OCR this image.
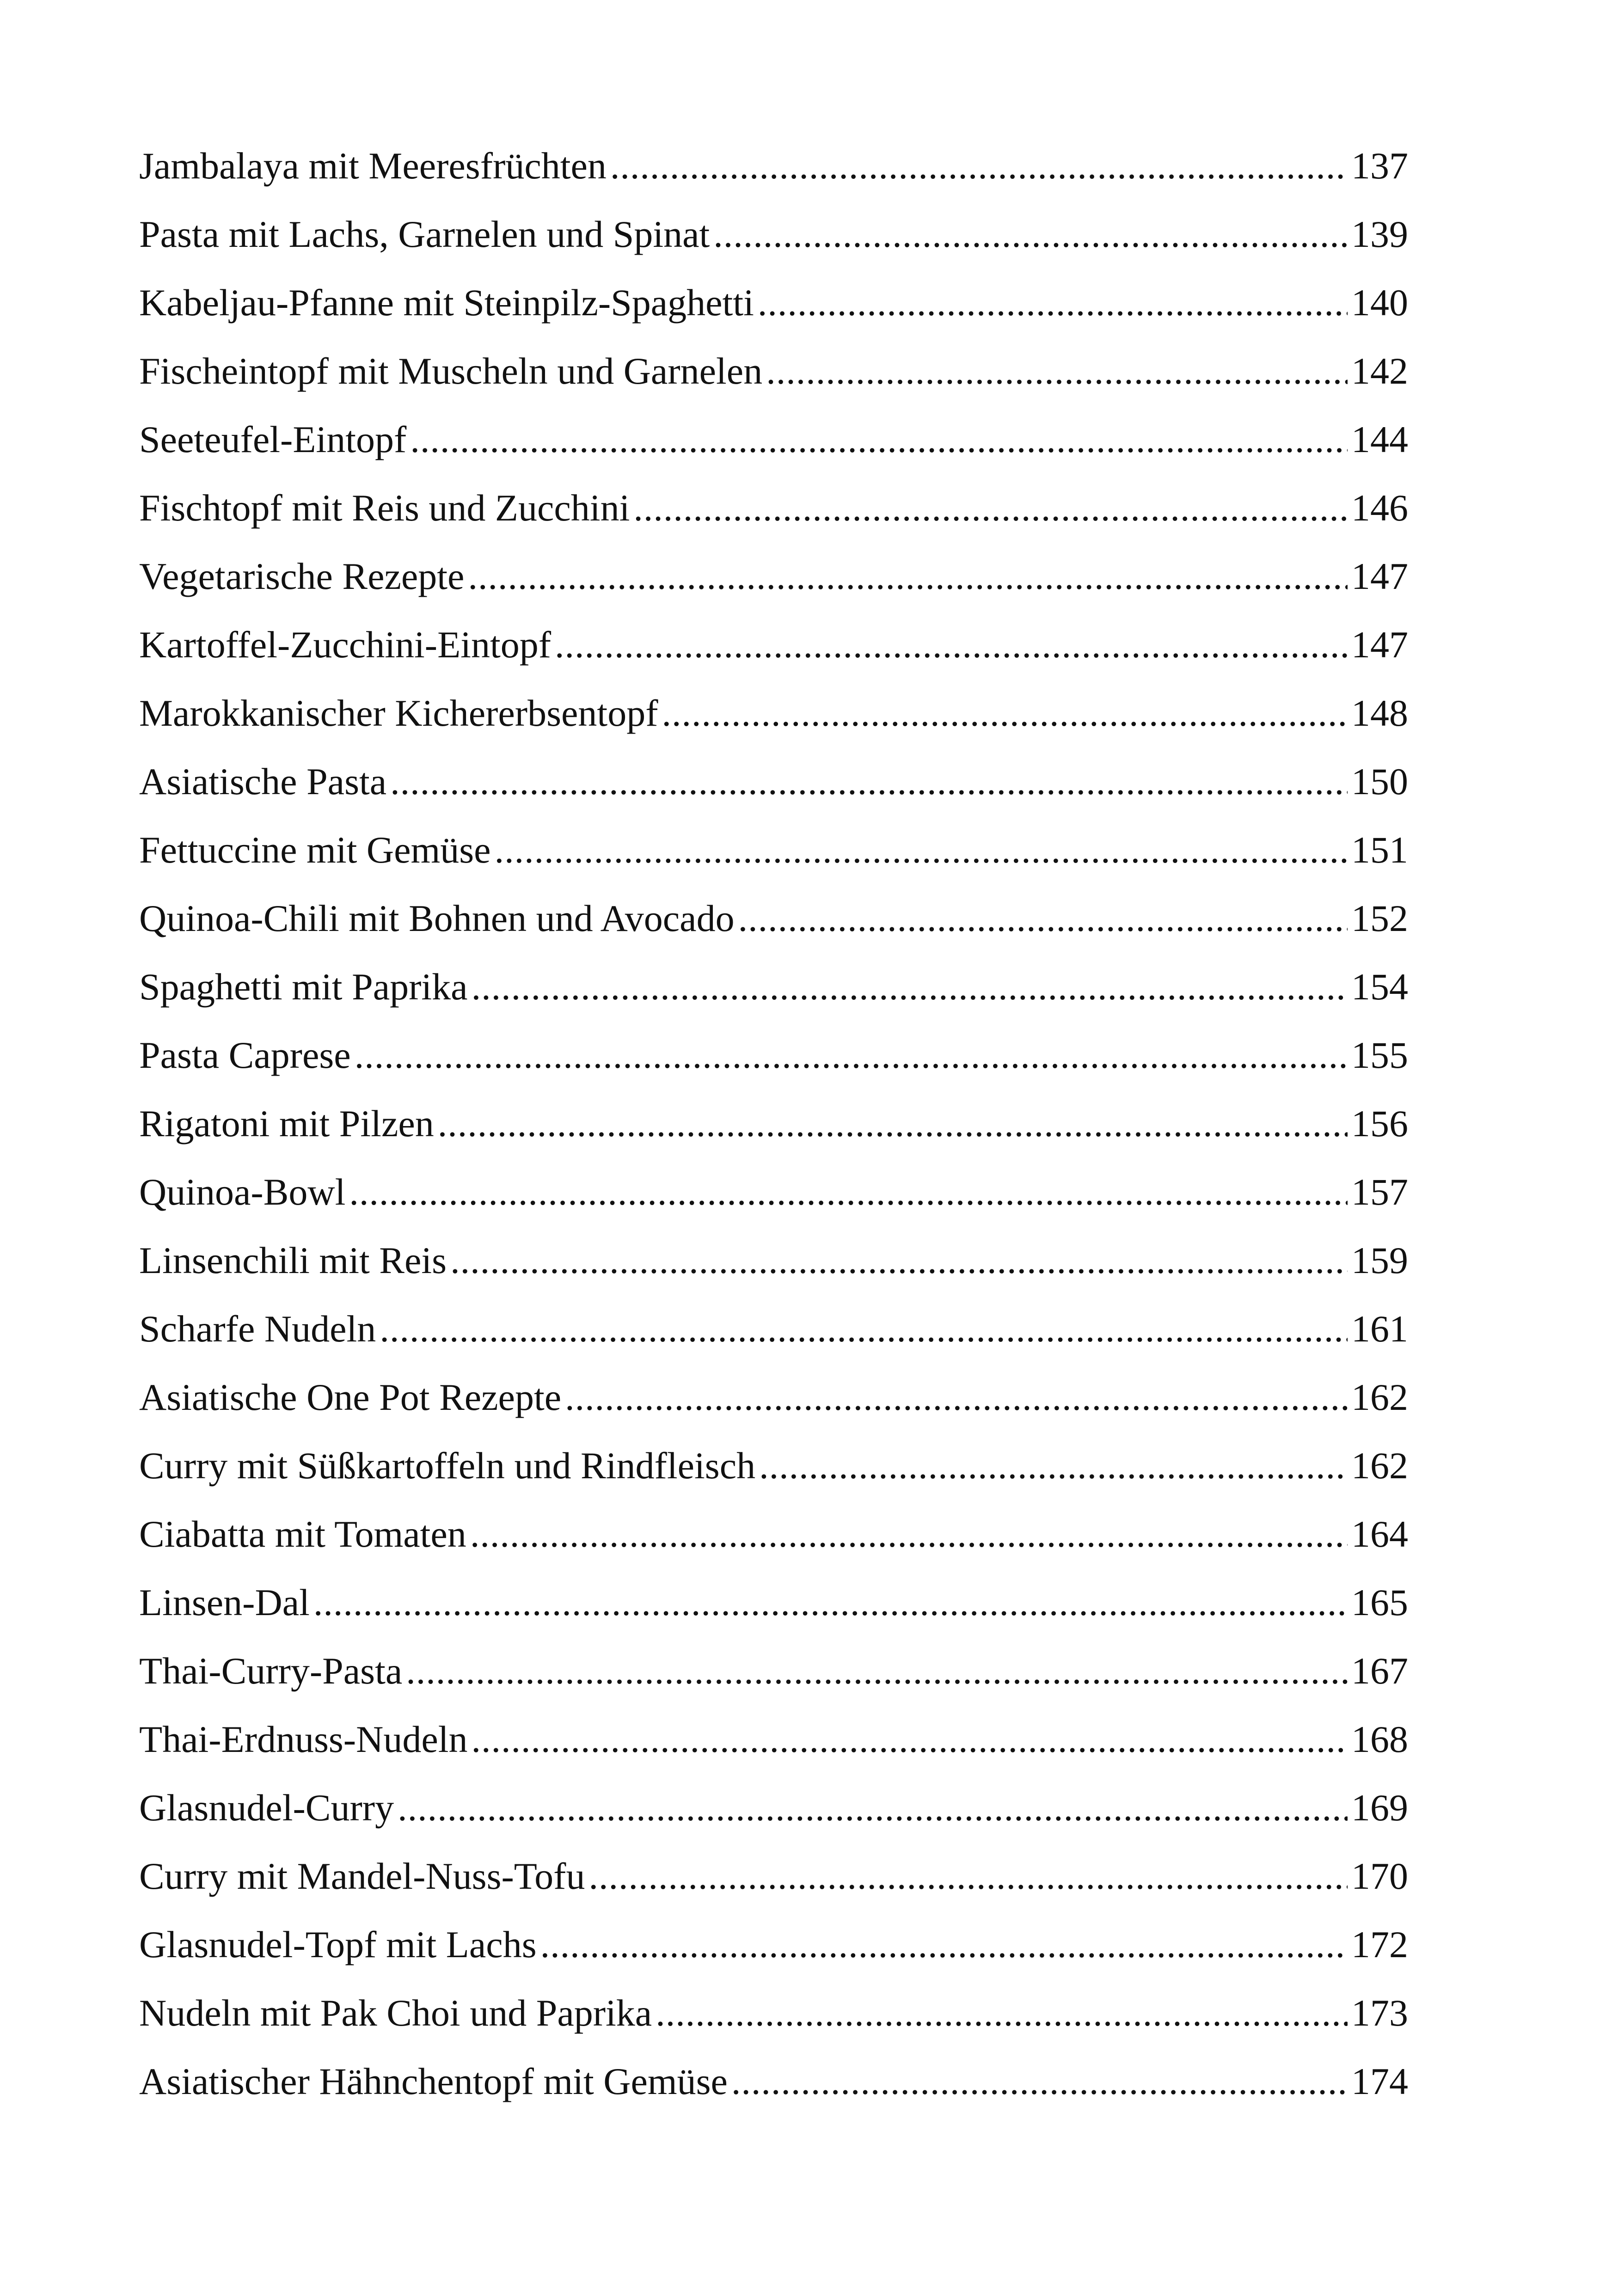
Jambalaya mit Meeresfrüchten .....	137
Pasta mit Lachs, Garnelen und Spinat .....	139
Kabeljau-Pfanne mit Steinpilz-Spaghetti .....	140
Fischeintopf mit Muscheln und Garnelen .....	142
Seeteufel-Eintopf .....	144
Fischtopf mit Reis und Zucchini .....	146
Vegetarische Rezepte .....	147
Kartoffel-Zucchini-Eintopf .....	147
Marokkanischer Kichererbsentopf .....	148
Asiatische Pasta .....	150
Fettuccine mit Gemüse .....	151
Quinoa-Chili mit Bohnen und Avocado .....	152
Spaghetti mit Paprika .....	154
Pasta Caprese .....	155
Rigatoni mit Pilzen .....	156
Quinoa-Bowl .....	157
Linsenchili mit Reis .....	159
Scharfe Nudeln .....	161
Asiatische One Pot Rezepte .....	162
Curry mit Süßkartoffeln und Rindfleisch .....	162
Ciabatta mit Tomaten .....	164
Linsen-Dal .....	165
Thai-Curry-Pasta .....	167
Thai-Erdnuss-Nudeln .....	168
Glasnudel-Curry .....	169
Curry mit Mandel-Nuss-Tofu .....	170
Glasnudel-Topf mit Lachs .....	172
Nudeln mit Pak Choi und Paprika .....	173
Asiatischer Hähnchentopf mit Gemüse .....	174
